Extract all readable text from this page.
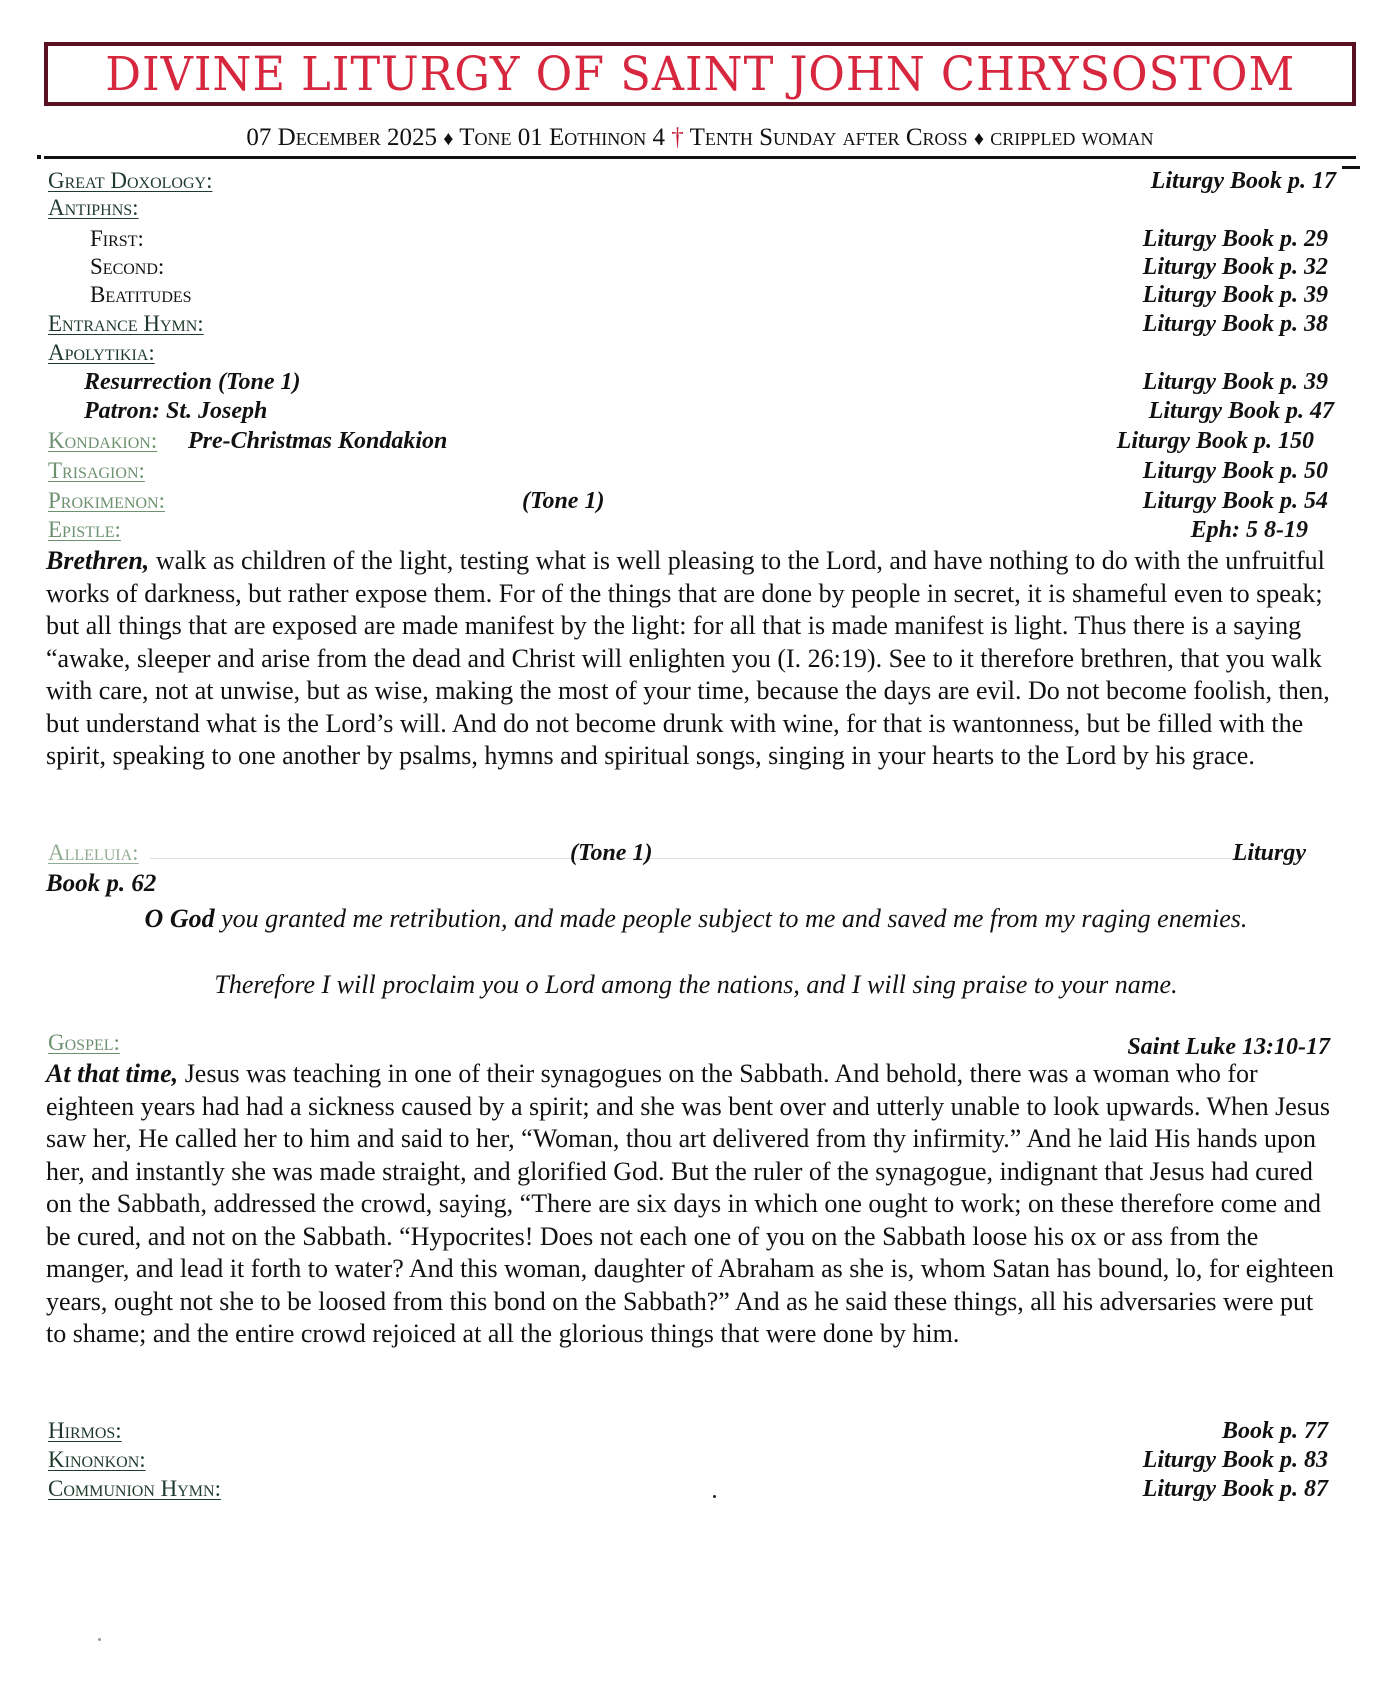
DIVINE LITURGY OF SAINT JOHN CHRYSOSTOM
07 December 2025 ♦ Tone 01 Eothinon 4 † Tenth Sunday after Cross ♦ crippled woman
Great Doxology:	Liturgy Book p. 17
Antiphns:
First:	Liturgy Book p. 29
Second:	Liturgy Book p. 32
Beatitudes	Liturgy Book p. 39
Entrance Hymn:	Liturgy Book p. 38
Apolytikia:
Resurrection (Tone 1)	Liturgy Book p. 39
Patron: St. Joseph	Liturgy Book p. 47
Kondakion: Pre-Christmas Kondakion	Liturgy Book p. 150
Trisagion:	Liturgy Book p. 50
Prokimenon:	(Tone 1)	Liturgy Book p. 54
Epistle:	Eph: 5 8-19
Brethren, walk as children of the light, testing what is well pleasing to the Lord, and have nothing to do with the unfruitful works of darkness, but rather expose them. For of the things that are done by people in secret, it is shameful even to speak; but all things that are exposed are made manifest by the light: for all that is made manifest is light. Thus there is a saying “awake, sleeper and arise from the dead and Christ will enlighten you (I. 26:19). See to it therefore brethren, that you walk with care, not at unwise, but as wise, making the most of your time, because the days are evil. Do not become foolish, then, but understand what is the Lord’s will. And do not become drunk with wine, for that is wantonness, but be filled with the spirit, speaking to one another by psalms, hymns and spiritual songs, singing in your hearts to the Lord by his grace.
Alleluia:	(Tone 1)	Liturgy
Book p. 62
O God you granted me retribution, and made people subject to me and saved me from my raging enemies.
Therefore I will proclaim you o Lord among the nations, and I will sing praise to your name.
Gospel:	Saint Luke 13:10-17
At that time, Jesus was teaching in one of their synagogues on the Sabbath. And behold, there was a woman who for eighteen years had had a sickness caused by a spirit; and she was bent over and utterly unable to look upwards. When Jesus saw her, He called her to him and said to her, “Woman, thou art delivered from thy infirmity.” And he laid His hands upon her, and instantly she was made straight, and glorified God. But the ruler of the synagogue, indignant that Jesus had cured on the Sabbath, addressed the crowd, saying, “There are six days in which one ought to work; on these therefore come and be cured, and not on the Sabbath. “Hypocrites! Does not each one of you on the Sabbath loose his ox or ass from the manger, and lead it forth to water? And this woman, daughter of Abraham as she is, whom Satan has bound, lo, for eighteen years, ought not she to be loosed from this bond on the Sabbath?” And as he said these things, all his adversaries were put to shame; and the entire crowd rejoiced at all the glorious things that were done by him.
Hirmos:	Book p. 77
Kinonkon:	Liturgy Book p. 83
Communion Hymn:	Liturgy Book p. 87
